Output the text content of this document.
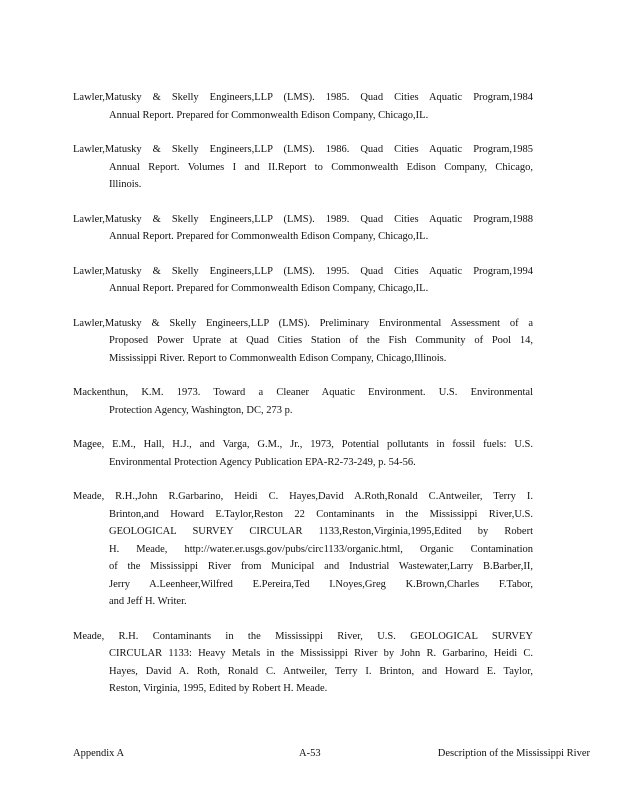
Lawler,Matusky & Skelly Engineers,LLP (LMS). 1985. Quad Cities Aquatic Program,1984
Annual Report. Prepared for Commonwealth Edison Company, Chicago,IL.
Lawler,Matusky & Skelly Engineers,LLP (LMS). 1986. Quad Cities Aquatic Program,1985
Annual Report. Volumes I and II.Report to Commonwealth Edison Company, Chicago,
Illinois.
Lawler,Matusky & Skelly Engineers,LLP (LMS). 1989. Quad Cities Aquatic Program,1988
Annual Report. Prepared for Commonwealth Edison Company, Chicago,IL.
Lawler,Matusky & Skelly Engineers,LLP (LMS). 1995. Quad Cities Aquatic Program,1994
Annual Report. Prepared for Commonwealth Edison Company, Chicago,IL.
Lawler,Matusky & Skelly Engineers,LLP (LMS). Preliminary Environmental Assessment of a
Proposed Power Uprate at Quad Cities Station of the Fish Community of Pool 14,
Mississippi River. Report to Commonwealth Edison Company, Chicago,Illinois.
Mackenthun, K.M. 1973. Toward a Cleaner Aquatic Environment. U.S. Environmental
Protection Agency, Washington, DC, 273 p.
Magee, E.M., Hall, H.J., and Varga, G.M., Jr., 1973, Potential pollutants in fossil fuels: U.S.
Environmental Protection Agency Publication EPA-R2-73-249, p. 54-56.
Meade, R.H.,John R.Garbarino, Heidi C. Hayes,David A.Roth,Ronald C.Antweiler, Terry I.
Brinton,and Howard E.Taylor,Reston 22 Contaminants in the Mississippi River,U.S.
GEOLOGICAL SURVEY CIRCULAR 1133,Reston,Virginia,1995,Edited by Robert
H. Meade, http://water.er.usgs.gov/pubs/circ1133/organic.html, Organic Contamination
of the Mississippi River from Municipal and Industrial Wastewater,Larry B.Barber,II,
Jerry A.Leenheer,Wilfred E.Pereira,Ted I.Noyes,Greg K.Brown,Charles F.Tabor,
and Jeff H. Writer.
Meade, R.H. Contaminants in the Mississippi River, U.S. GEOLOGICAL SURVEY
CIRCULAR 1133: Heavy Metals in the Mississippi River by John R. Garbarino, Heidi C.
Hayes, David A. Roth, Ronald C. Antweiler, Terry I. Brinton, and Howard E. Taylor,
Reston, Virginia, 1995, Edited by Robert H. Meade.
Appendix A	A-53	Description of the Mississippi River
